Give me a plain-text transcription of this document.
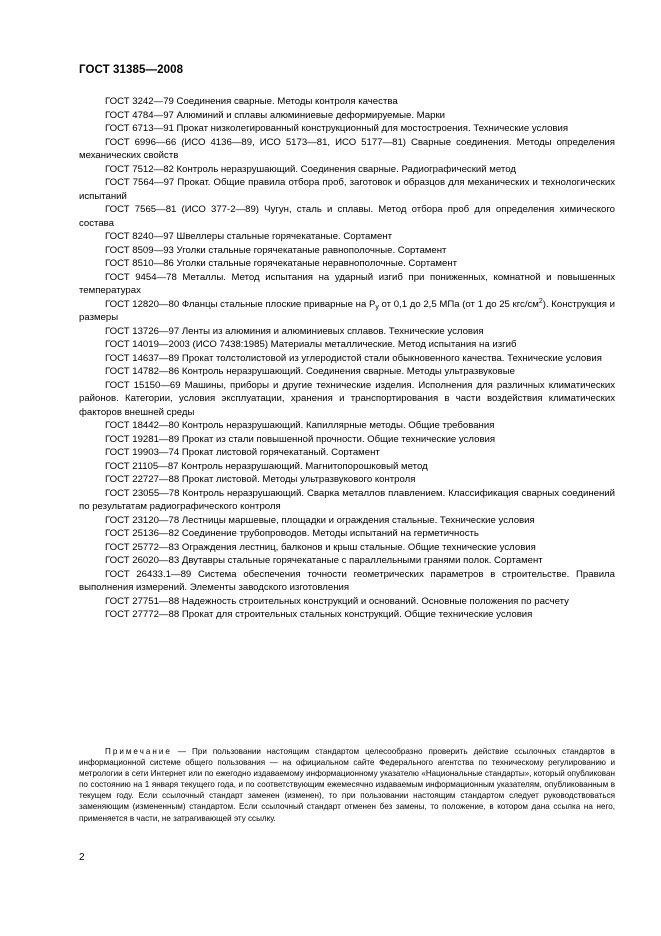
ГОСТ 31385—2008

ГОСТ 3242—79 Соединения сварные. Методы контроля качества

ГОСТ 4784—97 Алюминий и сплавы алюминиевые деформируемые. Марки

ГОСТ 6713—91 Прокат низколегированный конструкционный для мостостроения. Технические условия

ГОСТ 6996—66 (ИСО 4136—89, ИСО 5173—81, ИСО 5177—81) Сварные соединения. Методы определения механических свойств

ГОСТ 7512—82 Контроль неразрушающий. Соединения сварные. Радиографический метод

ГОСТ 7564—97 Прокат. Общие правила отбора проб, заготовок и образцов для механических и технологических испытаний

ГОСТ 7565—81 (ИСО 377-2—89) Чугун, сталь и сплавы. Метод отбора проб для определения химического состава

ГОСТ 8240—97 Швеллеры стальные горячекатаные. Сортамент

ГОСТ 8509—93 Уголки стальные горячекатаные равнополочные. Сортамент

ГОСТ 8510—86 Уголки стальные горячекатаные неравнополочные. Сортамент

ГОСТ 9454—78 Металлы. Метод испытания на ударный изгиб при пониженных, комнатной и повышенных температурах

ГОСТ 12820—80 Фланцы стальные плоские приварные на $P_у$ от 0,1 до 2,5 МПа (от 1 до 25 кгс/$см^2$). Конструкция и размеры

ГОСТ 13726—97 Ленты из алюминия и алюминиевых сплавов. Технические условия

ГОСТ 14019—2003 (ИСО 7438:1985) Материалы металлические. Метод испытания на изгиб

ГОСТ 14637—89 Прокат толстолистовой из углеродистой стали обыкновенного качества. Технические условия

ГОСТ 14782—86 Контроль неразрушающий. Соединения сварные. Методы ультразвуковые

ГОСТ 15150—69 Машины, приборы и другие технические изделия. Исполнения для различных климатических районов. Категории, условия эксплуатации, хранения и транспортирования в части воздействия климатических факторов внешней среды

ГОСТ 18442—80 Контроль неразрушающий. Капиллярные методы. Общие требования

ГОСТ 19281—89 Прокат из стали повышенной прочности. Общие технические условия

ГОСТ 19903—74 Прокат листовой горячекатаный. Сортамент

ГОСТ 21105—87 Контроль неразрушающий. Магнитопорошковый метод

ГОСТ 22727—88 Прокат листовой. Методы ультразвукового контроля

ГОСТ 23055—78 Контроль неразрушающий. Сварка металлов плавлением. Классификация сварных соединений по результатам радиографического контроля

ГОСТ 23120—78 Лестницы маршевые, площадки и ограждения стальные. Технические условия

ГОСТ 25136—82 Соединение трубопроводов. Методы испытаний на герметичность

ГОСТ 25772—83 Ограждения лестниц, балконов и крыш стальные. Общие технические условия

ГОСТ 26020—83 Двутавры стальные горячекатаные с параллельными гранями полок. Сортамент

ГОСТ 26433.1—89 Система обеспечения точности геометрических параметров в строительстве. Правила выполнения измерений. Элементы заводского изготовления

ГОСТ 27751—88 Надежность строительных конструкций и оснований. Основные положения по расчету

ГОСТ 27772—88 Прокат для строительных стальных конструкций. Общие технические условия

Примечание — При пользовании настоящим стандартом целесообразно проверить действие ссылочных стандартов в информационной системе общего пользования — на официальном сайте Федерального агентства по техническому регулированию и метрологии в сети Интернет или по ежегодно издаваемому информационному указателю «Национальные стандарты», который опубликован по состоянию на 1 января текущего года, и по соответствующим ежемесячно издаваемым информационным указателям, опубликованным в текущем году. Если ссылочный стандарт заменен (изменен), то при пользовании настоящим стандартом следует руководствоваться заменяющим (измененным) стандартом. Если ссылочный стандарт отменен без замены, то положение, в котором дана ссылка на него, применяется в части, не затрагивающей эту ссылку.
2
